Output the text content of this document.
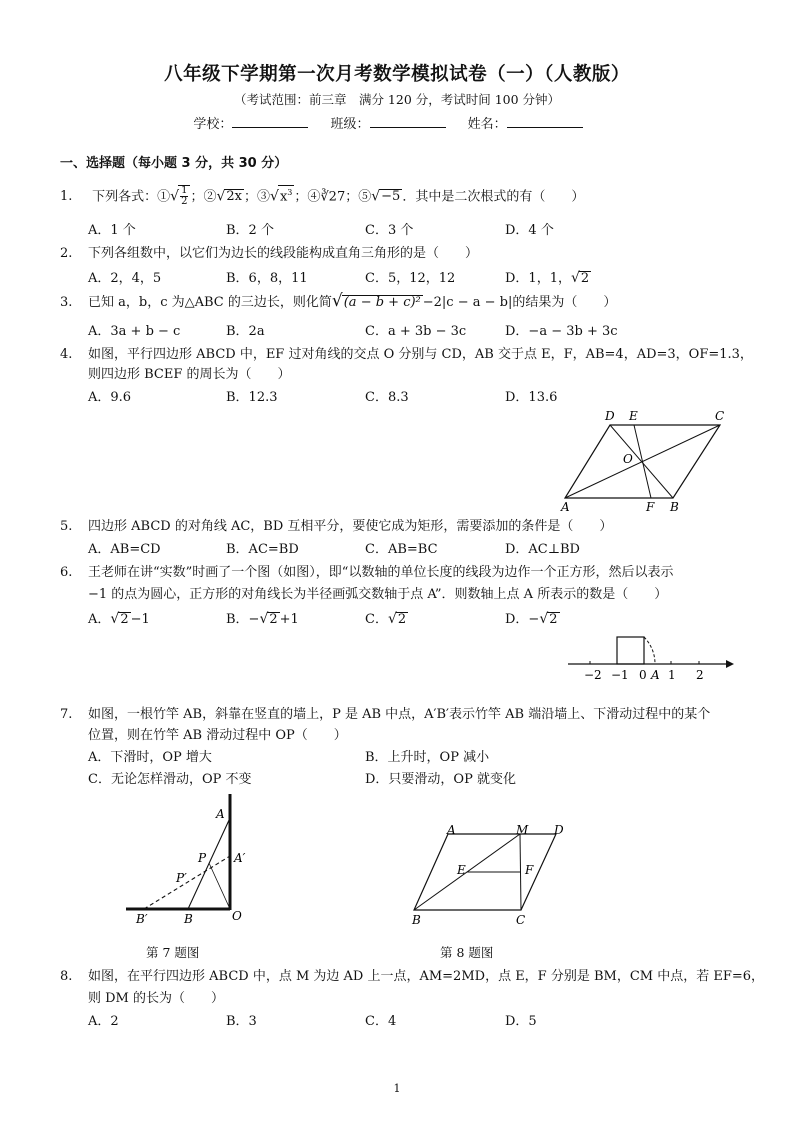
八年级下学期第一次月考数学模拟试卷（一）（人教版）
（考试范围：前三章　满分 120 分，考试时间 100 分钟）
学校：	班级：	姓名：
一、选择题（每小题 3 分，共 30 分）
1. 下列各式：①√ $\frac{1}{2}$ ；②√2x ；$③√x^3$ ；④∛27；⑤√−5 ．其中是二次根式的有（　　）
A．1 个	B．2 个	C．3 个	D．4 个
2. 下列各组数中，以它们为边长的线段能构成直角三角形的是（　　）
A．2，4，5	B．6，8，11	C．5，12，12	D．1，1，√2
3. 已知 a，b，c 为△ABC 的三边长，则化简√(a − b + c)² −2|c − a − b|的结果为（　　）
A．3a + b − c	B．2a	C．a + 3b − 3c	D．−a − 3b + 3c
4. 如图，平行四边形 ABCD 中，EF 过对角线的交点 O 分别与 CD，AB 交于点 E，F，AB=4，AD=3，OF=1.3，
则四边形 BCEF 的周长为（　　）
A．9.6	B．12.3	C．8.3	D．13.6
D E	C
O
A	F B
5. 四边形 ABCD 的对角线 AC，BD 互相平分，要使它成为矩形，需要添加的条件是（　　）
A．AB=CD	B．AC=BD	C．AB=BC	D．AC⊥BD
6. 王老师在讲“实数”时画了一个图（如图），即“以数轴的单位长度的线段为边作一个正方形，然后以表示
−1 的点为圆心，正方形的对角线长为半径画弧交数轴于点 A”．则数轴上点 A 所表示的数是（　　）
A．√2 −1	B．−√2 +1	C．√2	D．−√2
−2 −1 0 A 1 2
7. 如图，一根竹竿 AB，斜靠在竖直的墙上，P 是 AB 中点，A′B′表示竹竿 AB 端沿墙上、下滑动过程中的某个
位置，则在竹竿 AB 滑动过程中 OP（　　）
A．下滑时，OP 增大	B．上升时，OP 减小
C．无论怎样滑动，OP 不变	D．只要滑动，OP 就变化
A
P A′
P′
B′	B	O
第 7 题图
A	M D
E	F
B	C
第 8 题图
8. 如图，在平行四边形 ABCD 中，点 M 为边 AD 上一点，AM=2MD，点 E，F 分别是 BM，CM 中点，若 EF=6，
则 DM 的长为（　　）
A．2	B．3	C．4	D．5
1
